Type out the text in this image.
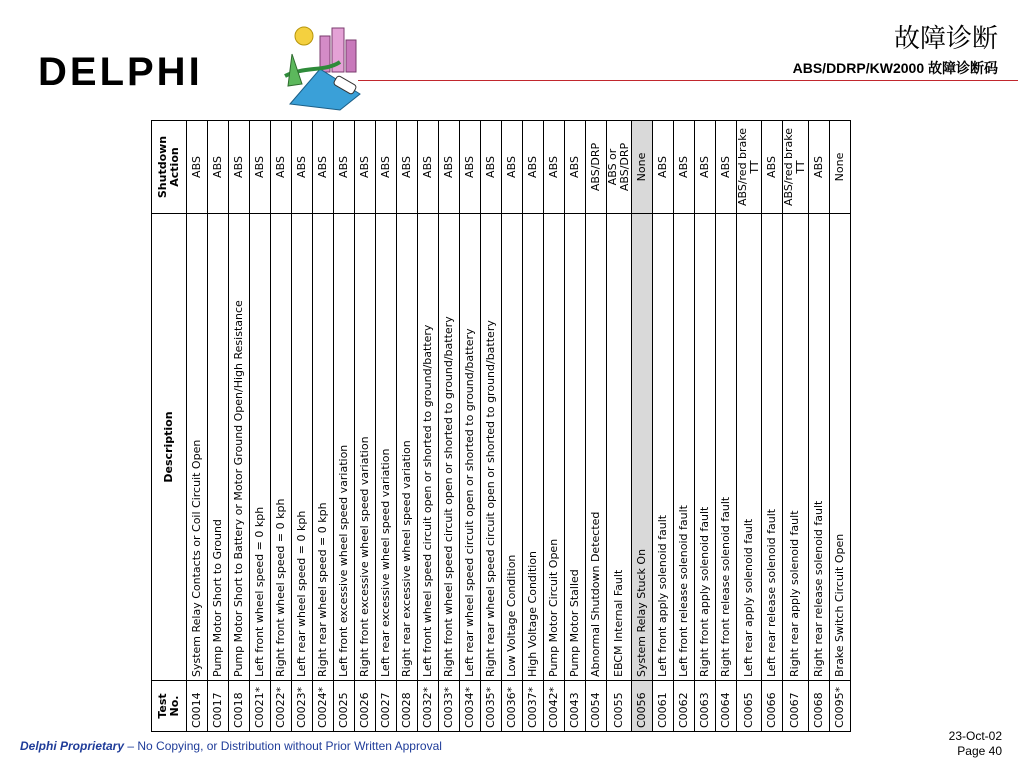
DELPHI
故障诊断
ABS/DDRP/KW2000 故障诊断码
Test No.	Description	Shutdown Action
C0014	System Relay Contacts or Coil Circuit Open	ABS
C0017	Pump Motor Short to Ground	ABS
C0018	Pump Motor Short to Battery or Motor Ground Open/High Resistance	ABS
C0021*	Left front wheel speed = 0 kph	ABS
C0022*	Right front wheel speed = 0 kph	ABS
C0023*	Left rear wheel speed = 0 kph	ABS
C0024*	Right rear wheel speed = 0 kph	ABS
C0025	Left front excessive wheel speed variation	ABS
C0026	Right front excessive wheel speed variation	ABS
C0027	Left rear excessive wheel speed variation	ABS
C0028	Right rear excessive wheel speed variation	ABS
C0032*	Left front wheel speed circuit open or shorted to ground/battery	ABS
C0033*	Right front wheel speed circuit open or shorted to ground/battery	ABS
C0034*	Left rear wheel speed circuit open or shorted to ground/battery	ABS
C0035*	Right rear wheel speed circuit open or shorted to ground/battery	ABS
C0036*	Low Voltage Condition	ABS
C0037*	High Voltage Condition	ABS
C0042*	Pump Motor Circuit Open	ABS
C0043	Pump Motor Stalled	ABS
C0054	Abnormal Shutdown Detected	ABS/DRP
C0055	EBCM Internal Fault	ABS or ABS/DRP
C0056	System Relay Stuck On	None
C0061	Left front apply solenoid fault	ABS
C0062	Left front release solenoid fault	ABS
C0063	Right front apply solenoid fault	ABS
C0064	Right front release solenoid fault	ABS
C0065	Left rear apply solenoid fault	ABS/red brake TT
C0066	Left rear release solenoid fault	ABS
C0067	Right rear apply solenoid fault	ABS/red brake TT
C0068	Right rear release solenoid fault	ABS
C0095*	Brake Switch Circuit Open	None
Delphi Proprietary – No Copying, or Distribution without Prior Written Approval
23-Oct-02
Page 40
